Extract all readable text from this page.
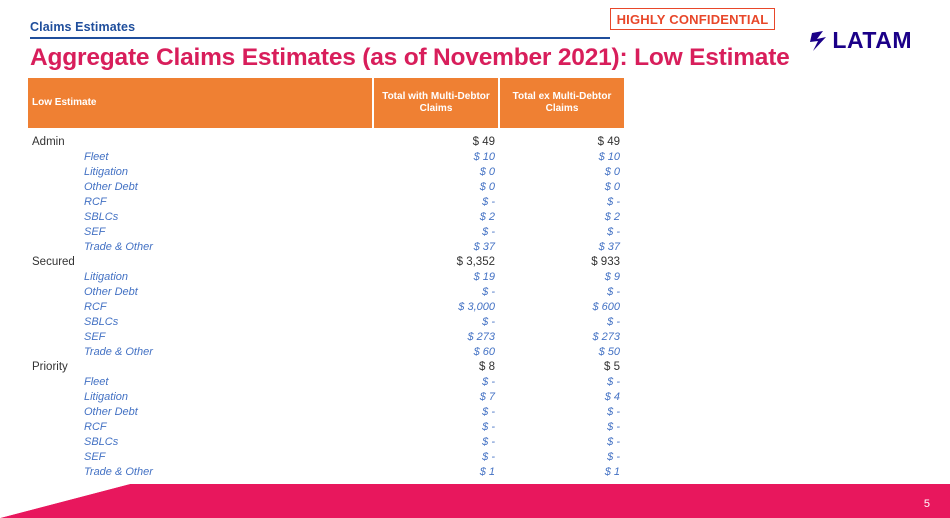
Claims Estimates
HIGHLY CONFIDENTIAL
LATAM
Aggregate Claims Estimates (as of November 2021): Low Estimate
Low Estimate	Total with Multi-Debtor Claims	Total ex Multi-Debtor Claims

Admin	$ 49	$ 49
Fleet	$ 10	$ 10
Litigation	$ 0	$ 0
Other Debt	$ 0	$ 0
RCF	$ -	$ -
SBLCs	$ 2	$ 2
SEF	$ -	$ -
Trade & Other	$ 37	$ 37
Secured	$ 3,352	$ 933
Litigation	$ 19	$ 9
Other Debt	$ -	$ -
RCF	$ 3,000	$ 600
SBLCs	$ -	$ -
SEF	$ 273	$ 273
Trade & Other	$ 60	$ 50
Priority	$ 8	$ 5
Fleet	$ -	$ -
Litigation	$ 7	$ 4
Other Debt	$ -	$ -
RCF	$ -	$ -
SBLCs	$ -	$ -
SEF	$ -	$ -
Trade & Other	$ 1	$ 1
5
